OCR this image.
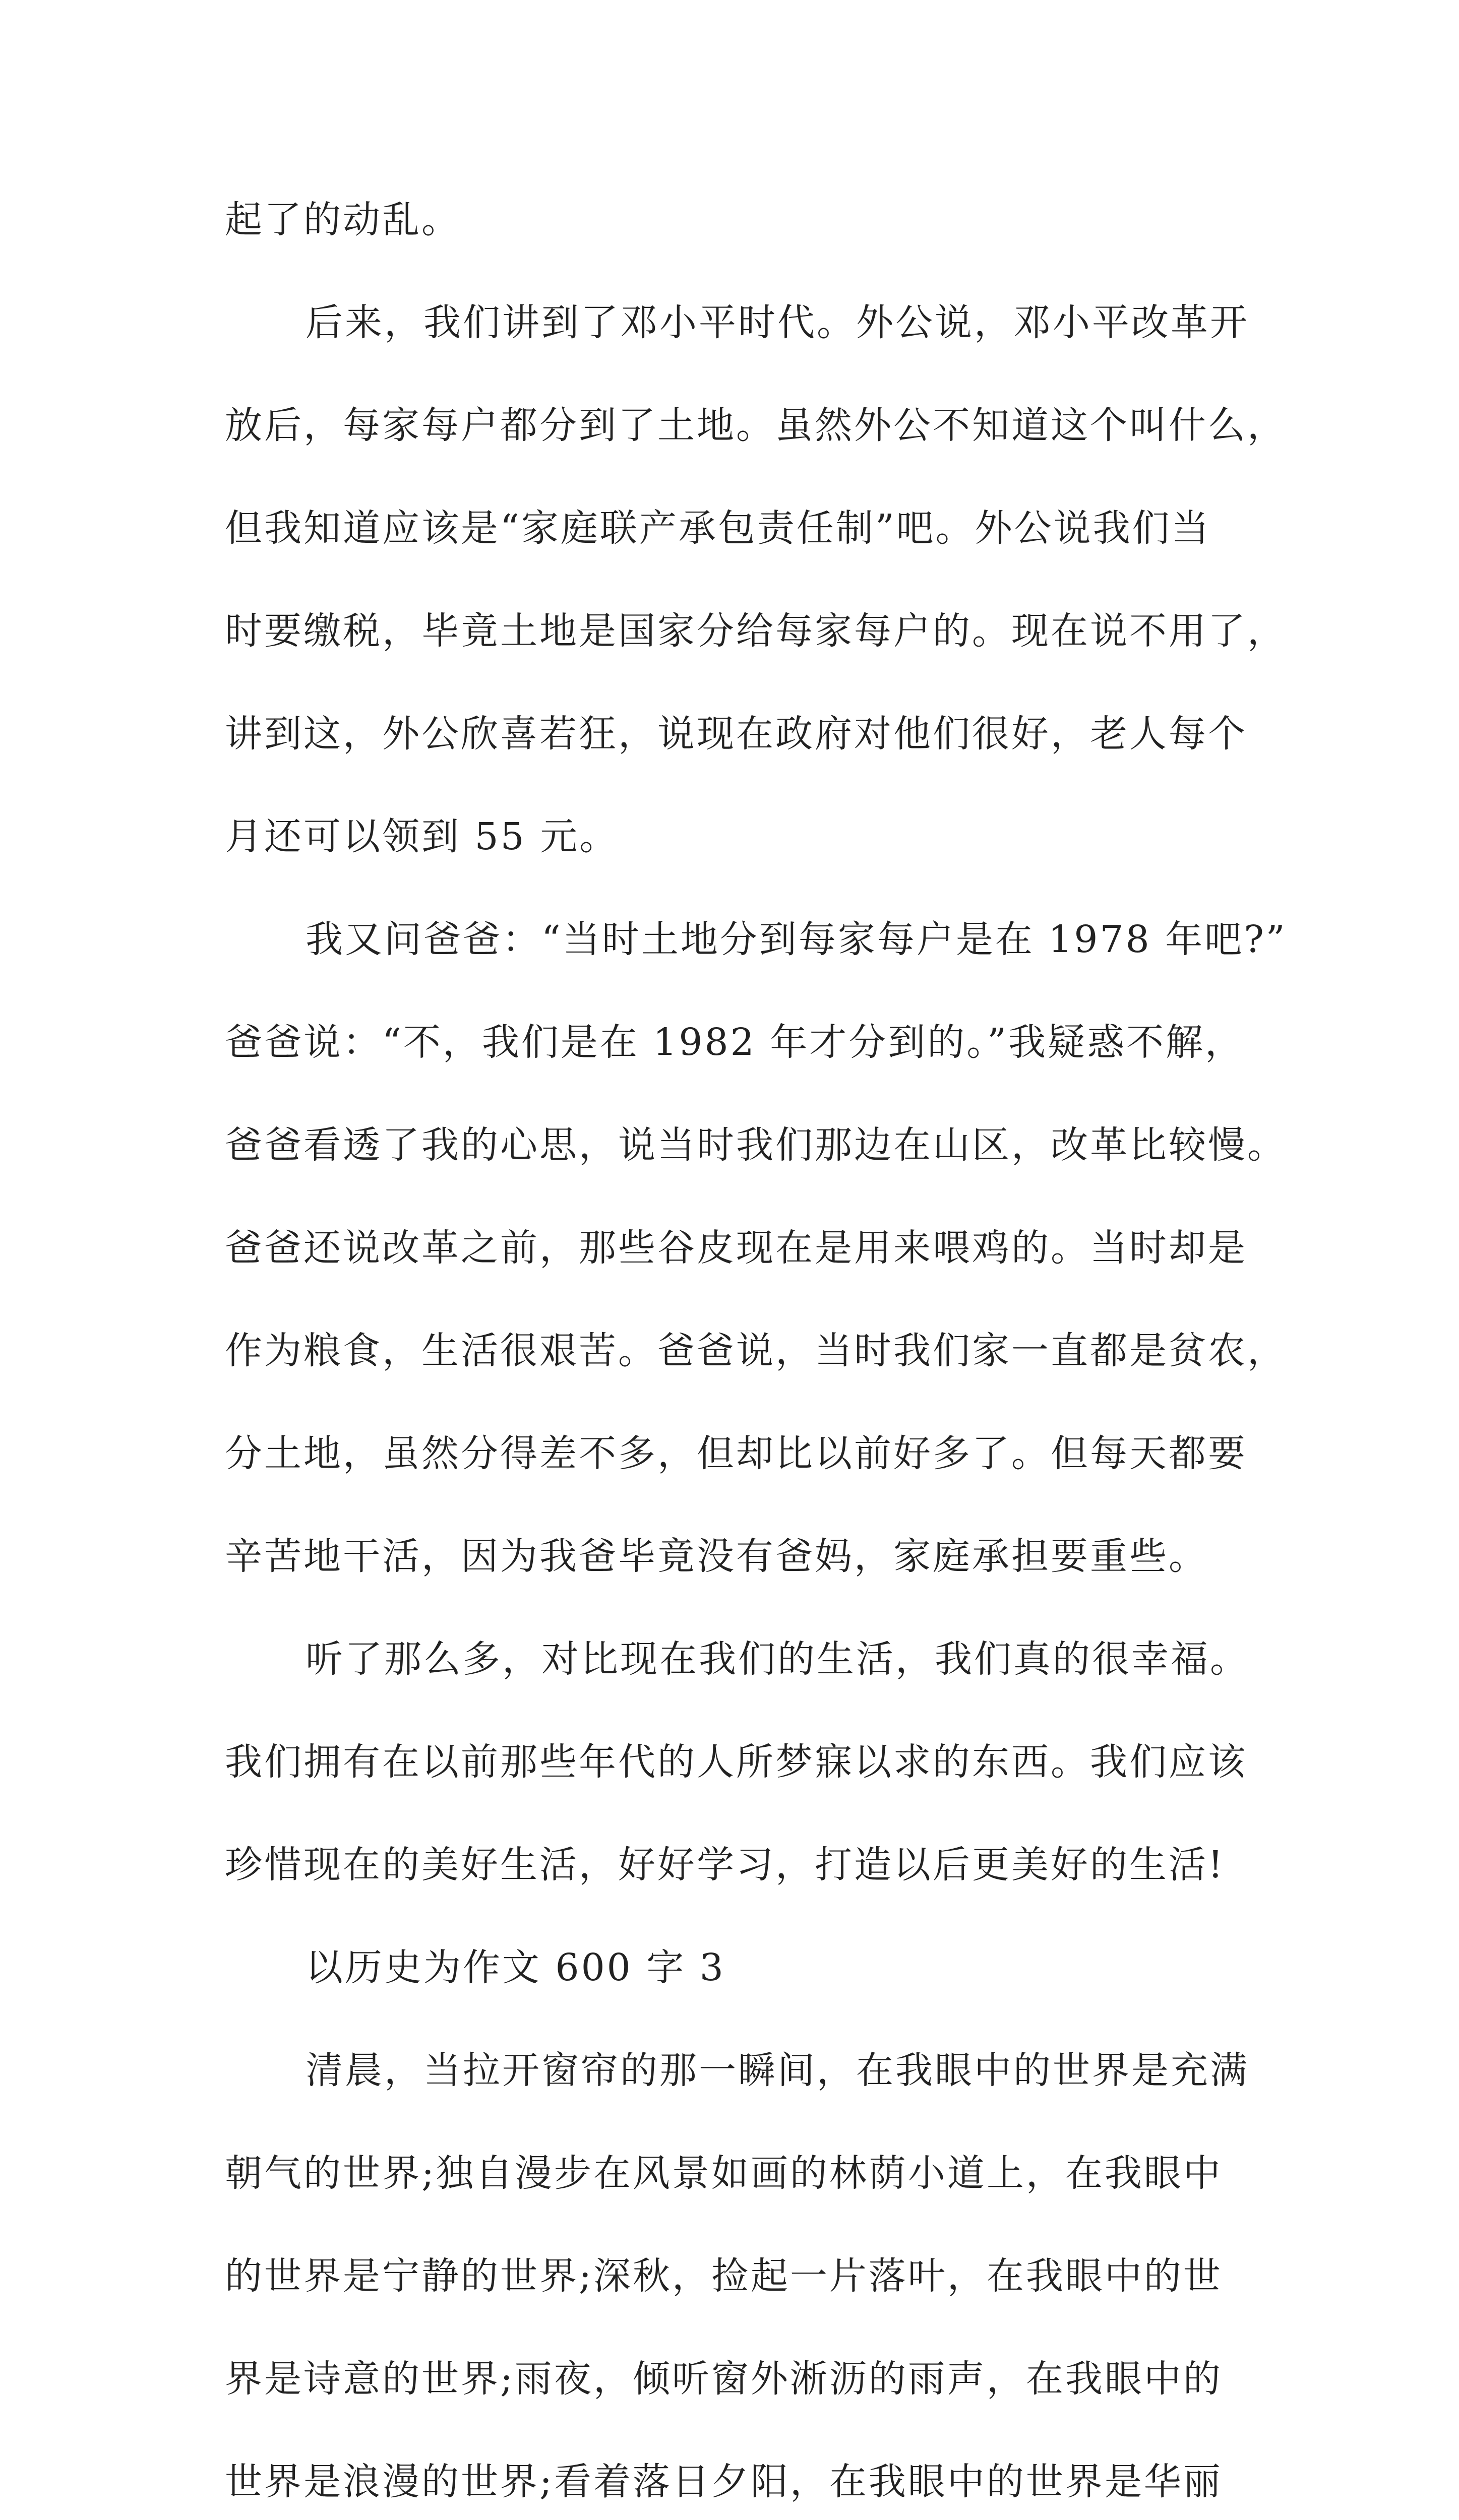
起了的动乱。
后来，我们讲到了邓小平时代。外公说，邓小平改革开
放后，每家每户都分到了土地。虽然外公不知道这个叫什么，
但我知道应该是“家庭联产承包责任制”吧。外公说我们当
时要缴税，毕竟土地是国家分给每家每户的。现在说不用了，
讲到这，外公欣喜若狂，说现在政府对他们很好，老人每个
月还可以领到 55 元。
我又问爸爸：“当时土地分到每家每户是在 1978 年吧?”
爸爸说：“不，我们是在 1982 年才分到的。”我疑惑不解，
爸爸看透了我的心思，说当时我们那边在山区，改革比较慢。
爸爸还说改革之前，那些谷皮现在是用来喂鸡的。当时却是
作为粮食，生活很艰苦。爸爸说，当时我们家一直都是贫农，
分土地，虽然分得差不多，但却比以前好多了。但每天都要
辛苦地干活，因为我爸毕竟没有爸妈，家庭承担要重些。
听了那么多，对比现在我们的生活，我们真的很幸福。
我们拥有在以前那些年代的人所梦寐以求的东西。我们应该
珍惜现在的美好生活，好好学习，打造以后更美好的生活!
以历史为作文 600 字 3
清晨，当拉开窗帘的那一瞬间，在我眼中的世界是充满
朝气的世界;独自漫步在风景如画的林荫小道上，在我眼中
的世界是宁静的世界;深秋，捡起一片落叶，在我眼中的世
界是诗意的世界;雨夜，倾听窗外淅沥的雨声，在我眼中的
世界是浪漫的世界;看着落日夕阳，在我眼中的世界是华丽
